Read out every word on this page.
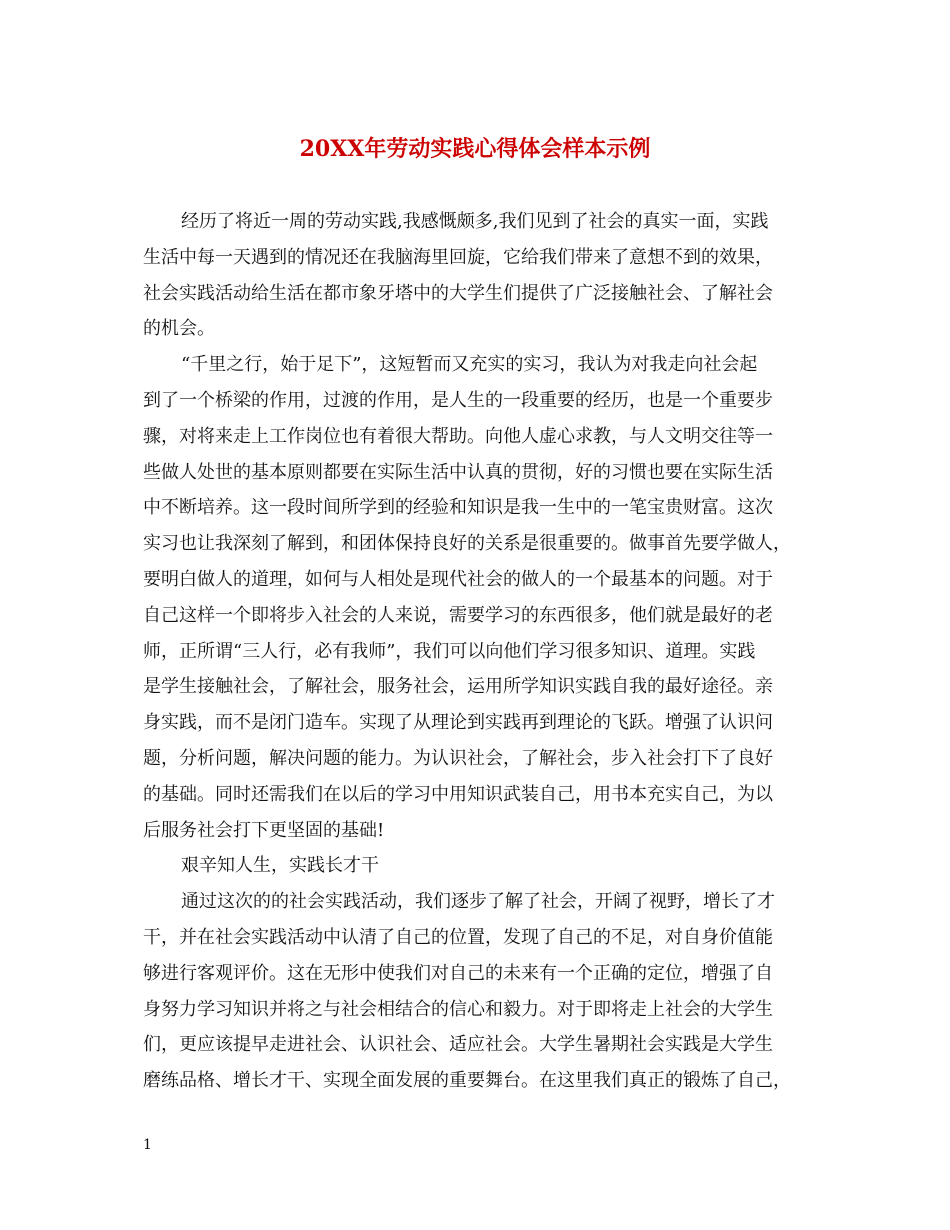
20XX年劳动实践心得体会样本示例
经历了将近一周的劳动实践,我感慨颇多,我们见到了社会的真实一面，实践
生活中每一天遇到的情况还在我脑海里回旋，它给我们带来了意想不到的效果，
社会实践活动给生活在都市象牙塔中的大学生们提供了广泛接触社会、了解社会
的机会。
“千里之行，始于足下”，这短暂而又充实的实习，我认为对我走向社会起
到了一个桥梁的作用，过渡的作用，是人生的一段重要的经历，也是一个重要步
骤，对将来走上工作岗位也有着很大帮助。向他人虚心求教，与人文明交往等一
些做人处世的基本原则都要在实际生活中认真的贯彻，好的习惯也要在实际生活
中不断培养。这一段时间所学到的经验和知识是我一生中的一笔宝贵财富。这次
实习也让我深刻了解到，和团体保持良好的关系是很重要的。做事首先要学做人，
要明白做人的道理，如何与人相处是现代社会的做人的一个最基本的问题。对于
自己这样一个即将步入社会的人来说，需要学习的东西很多，他们就是最好的老
师，正所谓“三人行，必有我师”，我们可以向他们学习很多知识、道理。实践
是学生接触社会，了解社会，服务社会，运用所学知识实践自我的最好途径。亲
身实践，而不是闭门造车。实现了从理论到实践再到理论的飞跃。增强了认识问
题，分析问题，解决问题的能力。为认识社会，了解社会，步入社会打下了良好
的基础。同时还需我们在以后的学习中用知识武装自己，用书本充实自己，为以
后服务社会打下更坚固的基础!
艰辛知人生，实践长才干
通过这次的的社会实践活动，我们逐步了解了社会，开阔了视野，增长了才
干，并在社会实践活动中认清了自己的位置，发现了自己的不足，对自身价值能
够进行客观评价。这在无形中使我们对自己的未来有一个正确的定位，增强了自
身努力学习知识并将之与社会相结合的信心和毅力。对于即将走上社会的大学生
们，更应该提早走进社会、认识社会、适应社会。大学生暑期社会实践是大学生
磨练品格、增长才干、实现全面发展的重要舞台。在这里我们真正的锻炼了自己，
1
